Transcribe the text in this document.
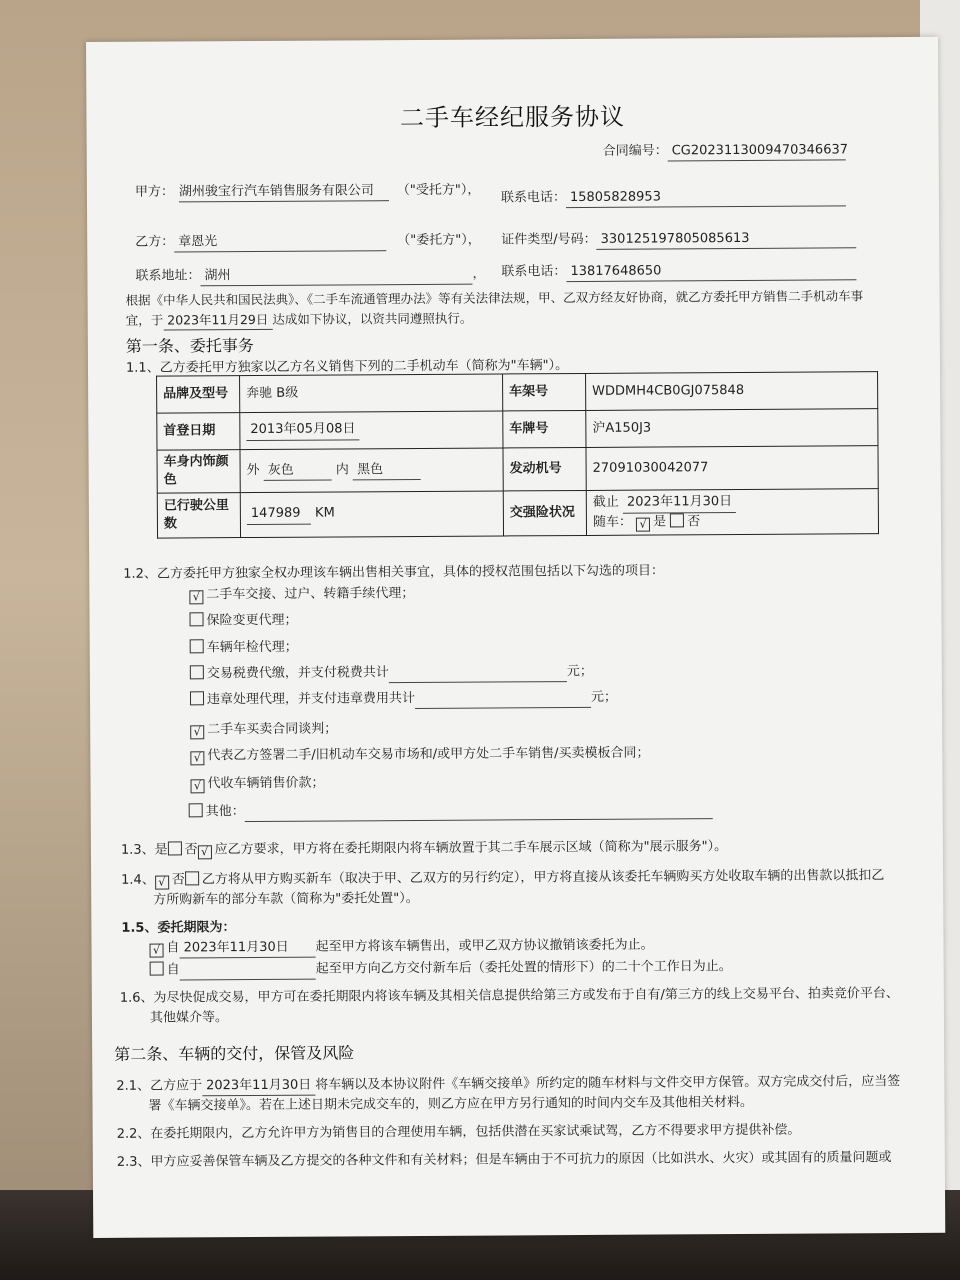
二手车经纪服务协议
合同编号： CG2023113009470346637
甲方： 湖州骏宝行汽车销售服务有限公司	（"受托方"）， 联系电话： 15805828953
乙方： 章恩光	（"委托方"）， 证件类型/号码： 330125197805085613
联系地址： 湖州	， 联系电话： 13817648650
根据《中华人民共和国民法典》、《二手车流通管理办法》等有关法律法规，甲、乙双方经友好协商，就乙方委托甲方销售二手机动车事
宜，于 2023年11月29日 达成如下协议，以资共同遵照执行。
第一条、委托事务
1.1、乙方委托甲方独家以乙方名义销售下列的二手机动车（简称为"车辆"）。
品牌及型号	奔驰 B级	车架号	WDDMH4CB0GJ075848
首登日期	2013年05月08日	车牌号	沪A150J3
车身内饰颜色	外 灰色 内 黑色	发动机号	27091030042077
已行驶公里数	147989 KM	交强险状况	截止 2023年11月30日
随车： √ 是 否
1.2、乙方委托甲方独家全权办理该车辆出售相关事宜，具体的授权范围包括以下勾选的项目：
√ 二手车交接、过户、转籍手续代理；
保险变更代理；
车辆年检代理；
交易税费代缴，并支付税费共计	元；
违章处理代理，并支付违章费用共计	元；
√ 二手车买卖合同谈判；
√ 代表乙方签署二手/旧机动车交易市场和/或甲方处二手车销售/买卖模板合同；
√ 代收车辆销售价款；
其他：
1.3、是 否 √ 应乙方要求，甲方将在委托期限内将车辆放置于其二手车展示区域（简称为"展示服务"）。
1.4、 √ 否 乙方将从甲方购买新车（取决于甲、乙双方的另行约定），甲方将直接从该委托车辆购买方处收取车辆的出售款以抵扣乙
方所购新车的部分车款（简称为"委托处置"）。
1.5、委托期限为：
√ 自 2023年11月30日 起至甲方将该车辆售出，或甲乙双方协议撤销该委托为止。
自	起至甲方向乙方交付新车后（委托处置的情形下）的二十个工作日为止。
1.6、为尽快促成交易，甲方可在委托期限内将该车辆及其相关信息提供给第三方或发布于自有/第三方的线上交易平台、拍卖竞价平台、
其他媒介等。
第二条、车辆的交付，保管及风险
2.1、乙方应于 2023年11月30日 将车辆以及本协议附件《车辆交接单》所约定的随车材料与文件交甲方保管。双方完成交付后，应当签
署《车辆交接单》。若在上述日期未完成交车的，则乙方应在甲方另行通知的时间内交车及其他相关材料。
2.2、在委托期限内，乙方允许甲方为销售目的合理使用车辆，包括供潜在买家试乘试驾，乙方不得要求甲方提供补偿。
2.3、甲方应妥善保管车辆及乙方提交的各种文件和有关材料；但是车辆由于不可抗力的原因（比如洪水、火灾）或其固有的质量问题或
